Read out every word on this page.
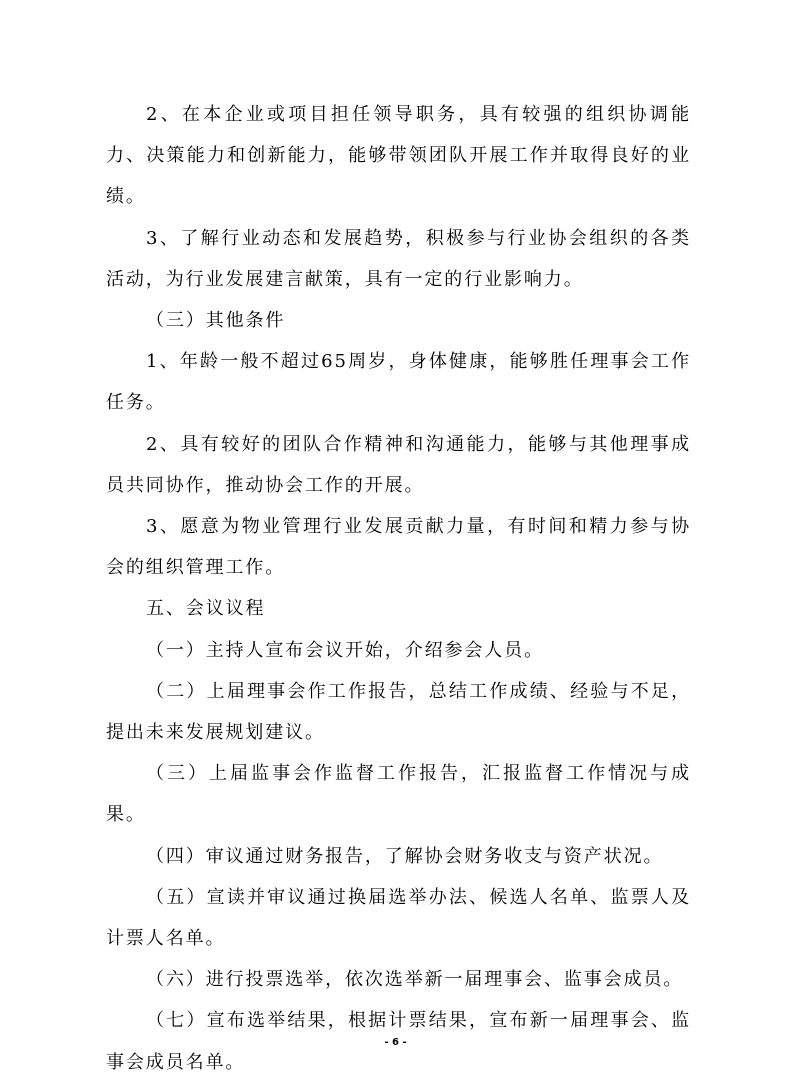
2、在本企业或项目担任领导职务，具有较强的组织协调能力、决策能力和创新能力，能够带领团队开展工作并取得良好的业绩。

3、了解行业动态和发展趋势，积极参与行业协会组织的各类活动，为行业发展建言献策，具有一定的行业影响力。

（三）其他条件

1、年龄一般不超过65周岁，身体健康，能够胜任理事会工作任务。

2、具有较好的团队合作精神和沟通能力，能够与其他理事成员共同协作，推动协会工作的开展。

3、愿意为物业管理行业发展贡献力量，有时间和精力参与协会的组织管理工作。

五、会议议程

（一）主持人宣布会议开始，介绍参会人员。

（二）上届理事会作工作报告，总结工作成绩、经验与不足，提出未来发展规划建议。

（三）上届监事会作监督工作报告，汇报监督工作情况与成果。

（四）审议通过财务报告，了解协会财务收支与资产状况。

（五）宣读并审议通过换届选举办法、候选人名单、监票人及计票人名单。

（六）进行投票选举，依次选举新一届理事会、监事会成员。

（七）宣布选举结果，根据计票结果，宣布新一届理事会、监事会成员名单。

- 6 -
